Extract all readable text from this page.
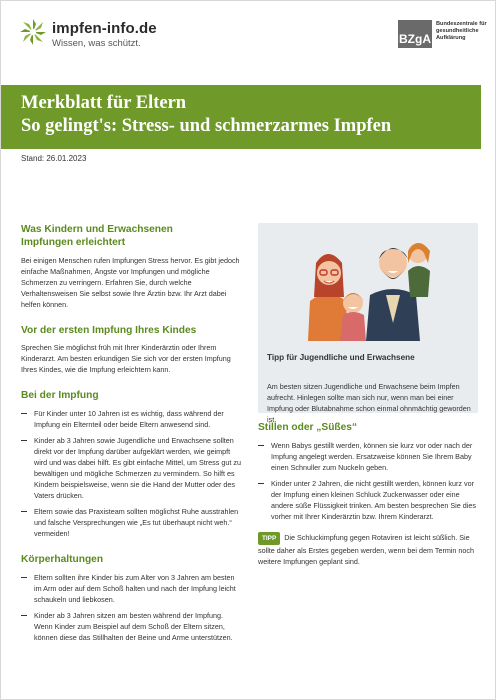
impfen-info.de
Wissen, was schützt.	BZgA
Bundeszentrale für gesundheitliche Aufklärung
Merkblatt für Eltern
So gelingt's: Stress- und schmerzarmes Impfen
Stand: 26.01.2023
Was Kindern und Erwachsenen Impfungen erleichtert
Bei einigen Menschen rufen Impfungen Stress hervor. Es gibt jedoch einfache Maßnahmen, Ängste vor Impfungen und mögliche Schmerzen zu verringern. Erfahren Sie, durch welche Verhaltensweisen Sie selbst sowie Ihre Ärztin bzw. Ihr Arzt dabei helfen können.
Vor der ersten Impfung Ihres Kindes
Sprechen Sie möglichst früh mit Ihrer Kinderärztin oder Ihrem Kinderarzt. Am besten erkundigen Sie sich vor der ersten Impfung Ihres Kindes, wie die Impfung erleichtern kann.
Bei der Impfung
Für Kinder unter 10 Jahren ist es wichtig, dass während der Impfung ein Elternteil oder beide Eltern anwesend sind.
Kinder ab 3 Jahren sowie Jugendliche und Erwachsene sollten direkt vor der Impfung darüber aufgeklärt werden, wie geimpft wird und was dabei hilft. Es gibt einfache Mittel, um Stress gut zu bewältigen und mögliche Schmerzen zu vermindern. So hilft es Kindern beispielsweise, wenn sie die Hand der Mutter oder des Vaters drücken.
Eltern sowie das Praxisteam sollten möglichst Ruhe ausstrahlen und falsche Versprechungen wie „Es tut überhaupt nicht weh.“ vermeiden!
Körperhaltungen
Eltern sollten ihre Kinder bis zum Alter von 3 Jahren am besten im Arm oder auf dem Schoß halten und nach der Impfung leicht schaukeln und liebkosen.
Kinder ab 3 Jahren sitzen am besten während der Impfung. Wenn Kinder zum Beispiel auf dem Schoß der Eltern sitzen, können diese das Stillhalten der Beine und Arme unterstützen.
Tipp für Jugendliche und Erwachsene
Am besten sitzen Jugendliche und Erwachsene beim Impfen aufrecht. Hinlegen sollte man sich nur, wenn man bei einer Impfung oder Blutabnahme schon einmal ohnmächtig geworden ist.
Stillen oder „Süßes“
Wenn Babys gestillt werden, können sie kurz vor oder nach der Impfung angelegt werden. Ersatzweise können Sie Ihrem Baby einen Schnuller zum Nuckeln geben.
Kinder unter 2 Jahren, die nicht gestillt werden, können kurz vor der Impfung einen kleinen Schluck Zuckerwasser oder eine andere süße Flüssigkeit trinken. Am besten besprechen Sie dies vorher mit Ihrer Kinderärztin bzw. Ihrem Kinderarzt.
TIPP Die Schluckimpfung gegen Rotaviren ist leicht süßlich. Sie sollte daher als Erstes gegeben werden, wenn bei dem Termin noch weitere Impfungen geplant sind.
